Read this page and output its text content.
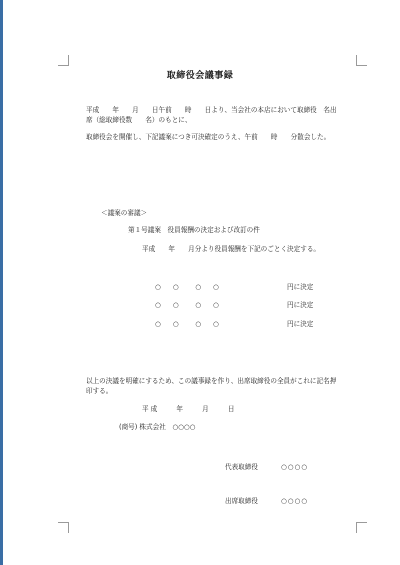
取締役会議事録
平成　　年　　月　　日午前　　時　　日より、当会社の本店において取締役　名出
席（総取締役数　　名）のもとに、
取締役会を開催し、下記議案につき可決確定のうえ、午前　　時　　分散会した。
＜議案の審議＞
第１号議案　役員報酬の決定および改訂の件
平成　　年　　月分より役員報酬を下記のごとく決定する。
○ ○　○ ○	円に決定
○ ○　○ ○	円に決定
○ ○　○ ○	円に決定
以上の決議を明確にするため、この議事録を作り、出席取締役の全員がこれに記名押
印する。
平成　　年　　月　　日
(商号) 株式会社　○○○○
代表取締役	○○○○
出席取締役	○○○○
